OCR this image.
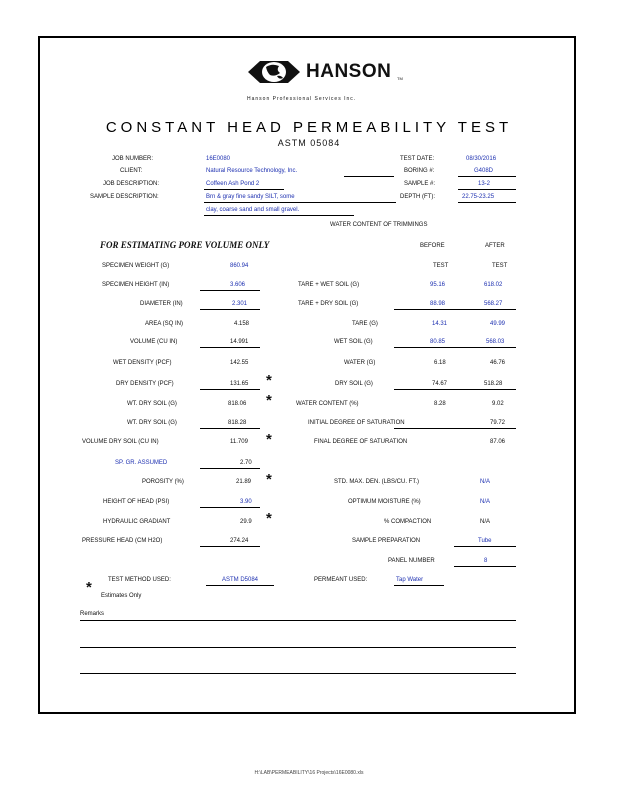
HANSON TM
Hanson Professional Services Inc.
CONSTANT HEAD PERMEABILITY TEST
ASTM 05084
JOB NUMBER:	16E0080
CLIENT:	Natural Resource Technology, Inc.
JOB DESCRIPTION:	Coffeen Ash Pond 2
SAMPLE DESCRIPTION:	Brn & gray fine sandy SILT, some
clay, coarse sand and small gravel.
TEST DATE:	08/30/2016
BORING #:	G408D
SAMPLE #:	13-2
DEPTH (FT):	22.75-23.25
WATER CONTENT OF TRIMMINGS
FOR ESTIMATING PORE VOLUME ONLY	BEFORE	AFTER
TEST	TEST
SPECIMEN WEIGHT (G)	860.94
SPECIMEN HEIGHT (IN)	3.606
DIAMETER (IN)	2.301
AREA (SQ IN)	4.158
VOLUME (CU IN)	14.991
WET DENSITY (PCF)	142.55
DRY DENSITY (PCF)	131.65 *
WT. DRY SOIL (G)	818.06 *
WT. DRY SOIL (G)	818.28
VOLUME DRY SOIL (CU IN)	11.709 *
SP. GR. ASSUMED	2.70
POROSITY (%)	21.89 *
HEIGHT OF HEAD (PSI)	3.90
HYDRAULIC GRADIANT	29.9 *
PRESSURE HEAD (CM H2O)	274.24
TARE + WET SOIL (G)	95.16	618.02
TARE + DRY SOIL (G)	88.98	568.27
TARE (G)	14.31	49.99
WET SOIL (G)	80.85	568.03
WATER (G)	6.18	46.76
DRY SOIL (G)	74.67	518.28
WATER CONTENT (%)	8.28	9.02
INITIAL DEGREE OF SATURATION	79.72
FINAL DEGREE OF SATURATION	87.06
STD. MAX. DEN. (LBS/CU. FT.)	N/A
OPTIMUM MOISTURE (%)	N/A
% COMPACTION	N/A
SAMPLE PREPARATION	Tube
PANEL NUMBER	8
*	TEST METHOD USED:	ASTM D5084	PERMEANT USED:	Tap Water
Estimates Only
Remarks
H:\LAB\PERMEABILITY\16 Projects\16E0080.xls
